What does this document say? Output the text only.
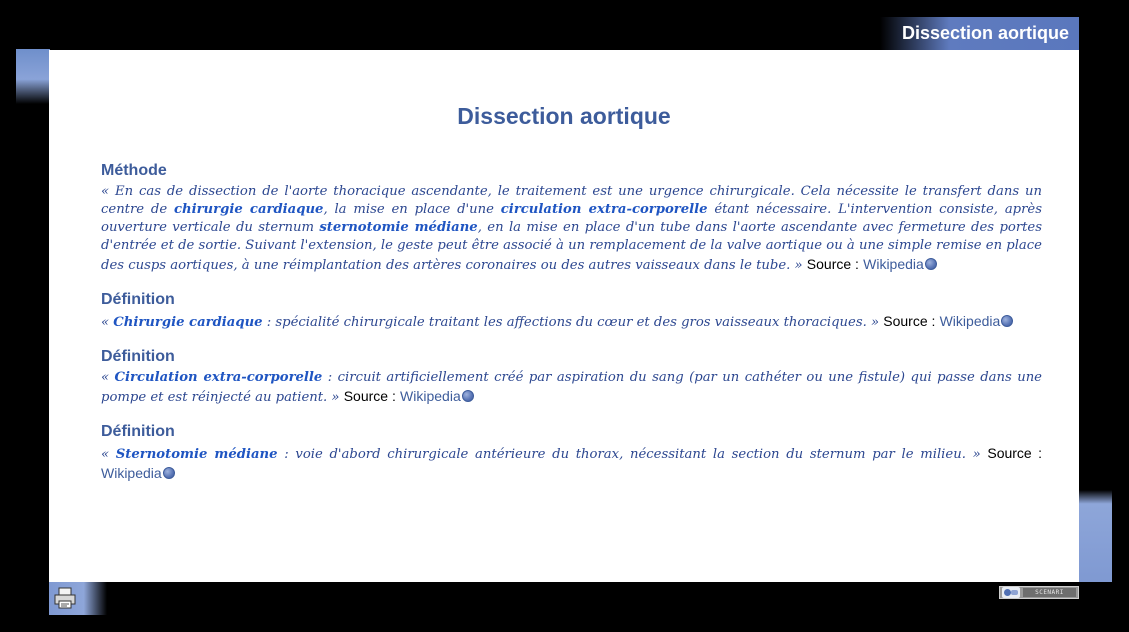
Dissection aortique
Dissection aortique
Méthode

« En cas de dissection de l'aorte thoracique ascendante, le traitement est une urgence chirurgicale. Cela nécessite le transfert dans un centre de chirurgie cardiaque, la mise en place d'une circulation extra-corporelle étant nécessaire. L'intervention consiste, après ouverture verticale du sternum sternotomie médiane, en la mise en place d'un tube dans l'aorte ascendante avec fermeture des portes d'entrée et de sortie. Suivant l'extension, le geste peut être associé à un remplacement de la valve aortique ou à une simple remise en place des cusps aortiques, à une réimplantation des artères coronaires ou des autres vaisseaux dans le tube. » Source : Wikipedia

Définition

« Chirurgie cardiaque : spécialité chirurgicale traitant les affections du cœur et des gros vaisseaux thoraciques. » Source : Wikipedia

Définition

« Circulation extra-corporelle : circuit artificiellement créé par aspiration du sang (par un cathéter ou une fistule) qui passe dans une pompe et est réinjecté au patient. » Source : Wikipedia

Définition

« Sternotomie médiane : voie d'abord chirurgicale antérieure du thorax, nécessitant la section du sternum par le milieu. » Source : Wikipedia

SCENARI
